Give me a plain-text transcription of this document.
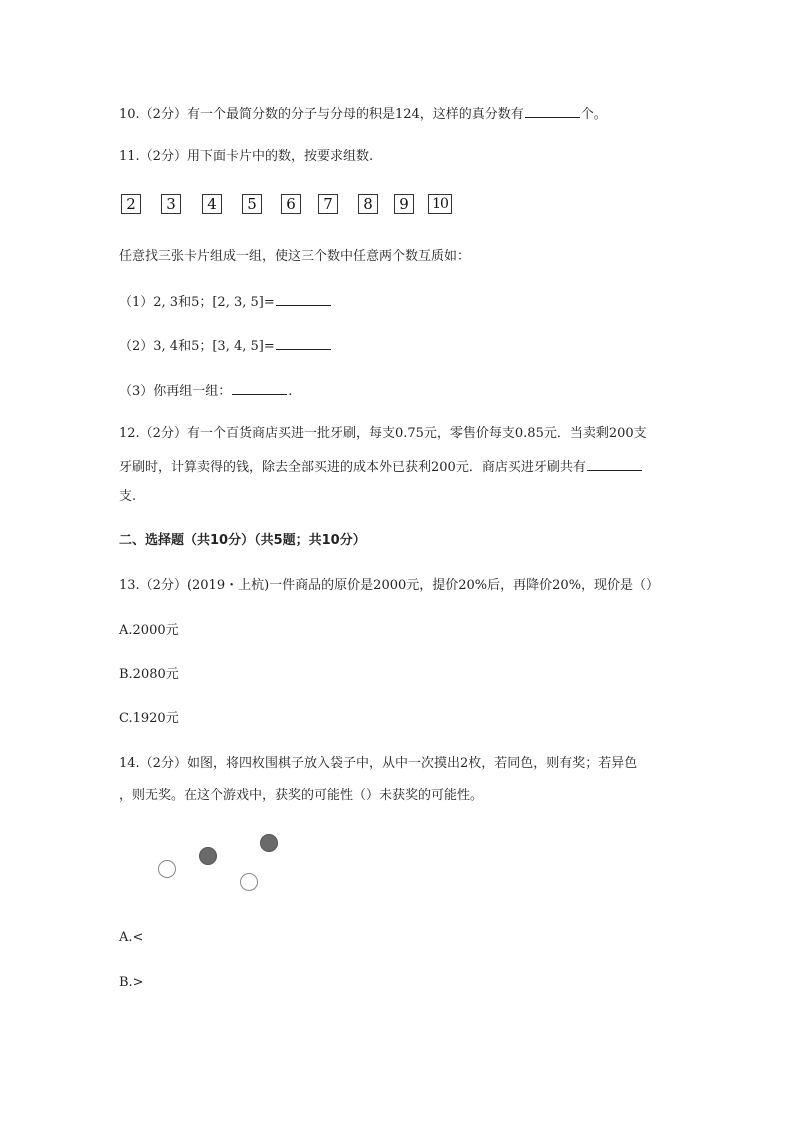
10.（2分）有一个最简分数的分子与分母的积是124，这样的真分数有	个。
11.（2分）用下面卡片中的数，按要求组数.
2	3	4	5	6	7	8	9	10
任意找三张卡片组成一组，使这三个数中任意两个数互质如：
（1）2, 3和5；[2, 3, 5]=
（2）3, 4和5；[3, 4, 5]=
（3）你再组一组：	.
12.（2分）有一个百货商店买进一批牙刷，每支0.75元，零售价每支0.85元．当卖剩200支
牙刷时，计算卖得的钱，除去全部买进的成本外已获利200元．商店买进牙刷共有
支.
二、选择题（共10分）（共5题；共10分）
13.（2分）(2019・上杭)一件商品的原价是2000元，提价20%后，再降价20%，现价是（）
A.2000元
B.2080元
C.1920元
14.（2分）如图，将四枚围棋子放入袋子中，从中一次摸出2枚，若同色，则有奖；若异色
，则无奖。在这个游戏中，获奖的可能性（）未获奖的可能性。
A.<
B.>
